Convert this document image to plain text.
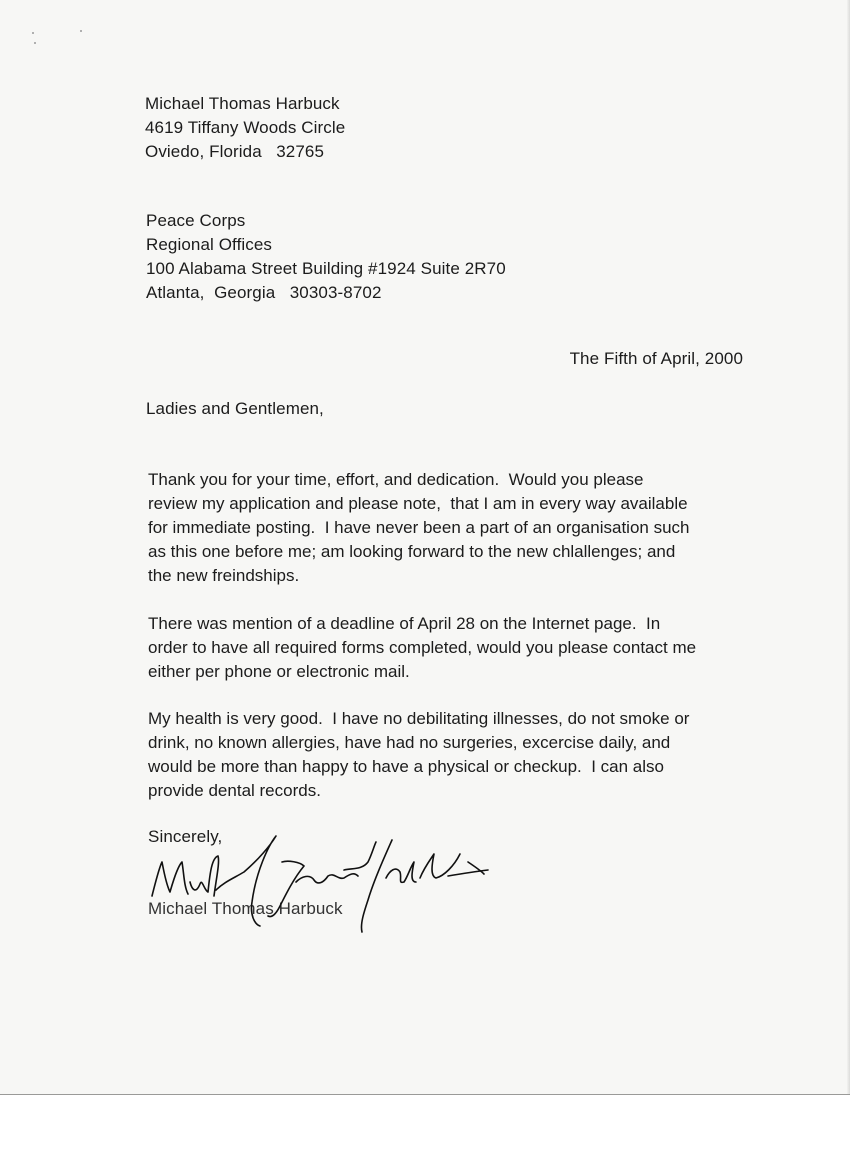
Michael Thomas Harbuck
4619 Tiffany Woods Circle
Oviedo, Florida   32765
Peace Corps
Regional Offices
100 Alabama Street Building #1924 Suite 2R70
Atlanta,  Georgia   30303-8702
The Fifth of April, 2000
Ladies and Gentlemen,
Thank you for your time, effort, and dedication.  Would you please
review my application and please note,  that I am in every way available
for immediate posting.  I have never been a part of an organisation such
as this one before me; am looking forward to the new chlallenges; and
the new freindships.
There was mention of a deadline of April 28 on the Internet page.  In
order to have all required forms completed, would you please contact me
either per phone or electronic mail.
My health is very good.  I have no debilitating illnesses, do not smoke or
drink, no known allergies, have had no surgeries, excercise daily, and
would be more than happy to have a physical or checkup.  I can also
provide dental records.
Sincerely,
Michael Thomas Harbuck
